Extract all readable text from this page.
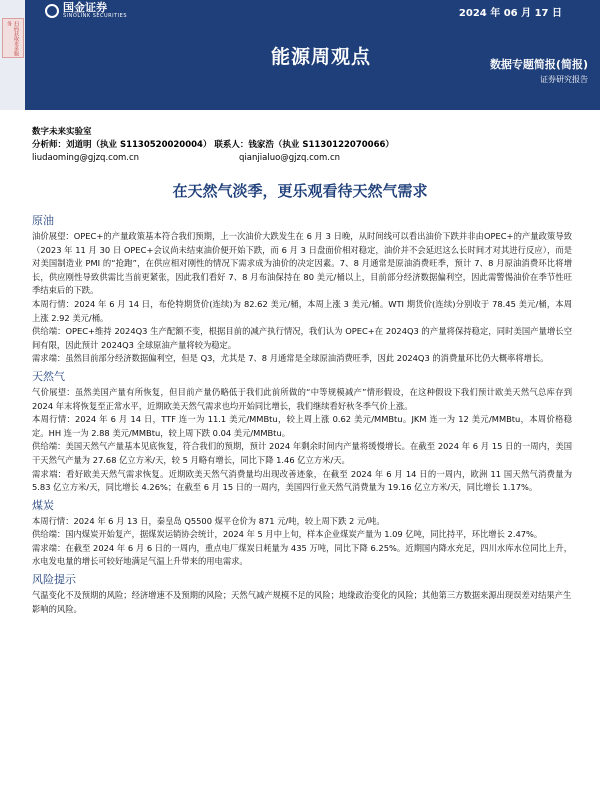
扫码获取更多服务
国金证券
SINOLINK SECURITIES	2024 年 06 月 17 日
能源周观点	数据专题简报(简报)
证券研究报告
数字未来实验室
分析师：刘道明（执业 S1130520020004） 联系人：钱家浩（执业 S1130122070066）
liudaoming@gjzq.com.cn                                     qianjialuo@gjzq.com.cn
在天然气淡季，更乐观看待天然气需求
原油

油价展望：OPEC+的产量政策基本符合我们预期，上一次油价大跌发生在 6 月 3 日晚，从时间线可以看出油价下跌并非由OPEC+的产量政策导致（2023 年 11 月 30 日 OPEC+会议尚未结束油价便开始下跌，而 6 月 3 日盘面价相对稳定，油价并不会延迟这么长时间才对其进行反应），而是对美国制造业 PMI 的“抢跑”，在供应相对刚性的情况下需求成为油价的决定因素。7、8 月通常是原油消费旺季，预计 7、8 月原油消费环比将增长，供应刚性导致供需比当前更紧张，因此我们看好 7、8 月布油保持在 80 美元/桶以上，目前部分经济数据偏利空，因此需警惕油价在季节性旺季结束后的下跌。

本周行情：2024 年 6 月 14 日，布伦特期货价(连续)为 82.62 美元/桶，本周上涨 3 美元/桶。WTI 期货价(连续)分别收于 78.45 美元/桶，本周上涨 2.92 美元/桶。

供给端：OPEC+维持 2024Q3 生产配额不变，根据目前的减产执行情况，我们认为 OPEC+在 2024Q3 的产量将保持稳定，同时美国产量增长空间有限，因此预计 2024Q3 全球原油产量将较为稳定。

需求端：虽然目前部分经济数据偏利空，但是 Q3，尤其是 7、8 月通常是全球原油消费旺季，因此 2024Q3 的消费量环比仍大概率将增长。

天然气

气价展望：虽然美国产量有所恢复，但目前产量仍略低于我们此前所做的“中等规模减产”情形假设，在这种假设下我们预计欧美天然气总库存到 2024 年末将恢复至正常水平，近期欧美天然气需求也均开始同比增长，我们继续看好秋冬季气价上涨。

本周行情：2024 年 6 月 14 日，TTF 连一为 11.1 美元/MMBtu，较上周上涨 0.62 美元/MMBtu。JKM 连一为 12 美元/MMBtu，本周价格稳定。HH 连一为 2.88 美元/MMBtu，较上周下跌 0.04 美元/MMBtu。

供给端：美国天然气产量基本见底恢复，符合我们的预期，预计 2024 年剩余时间内产量将缓慢增长。在截至 2024 年 6 月 15 日的一周内，美国干天然气产量为 27.68 亿立方米/天，较 5 月略有增长，同比下降 1.46 亿立方米/天。

需求端：看好欧美天然气需求恢复。近期欧美天然气消费量均出现改善迹象，在截至 2024 年 6 月 14 日的一周内，欧洲 11 国天然气消费量为 5.83 亿立方米/天，同比增长 4.26%；在截至 6 月 15 日的一周内，美国四行业天然气消费量为 19.16 亿立方米/天，同比增长 1.17%。

煤炭

本周行情：2024 年 6 月 13 日，秦皇岛 Q5500 煤平仓价为 871 元/吨，较上周下跌 2 元/吨。

供给端：国内煤炭开始复产，据煤炭运销协会统计，2024 年 5 月中上旬，样本企业煤炭产量为 1.09 亿吨，同比持平，环比增长 2.47%。

需求端：在截至 2024 年 6 月 6 日的一周内，重点电厂煤炭日耗量为 435 万吨，同比下降 6.25%。近期国内降水充足，四川水库水位同比上升，水电发电量的增长可较好地满足气温上升带来的用电需求。

风险提示

气温变化不及预期的风险；经济增速不及预期的风险；天然气减产规模不足的风险；地缘政治变化的风险；其他第三方数据来源出现误差对结果产生影响的风险。
